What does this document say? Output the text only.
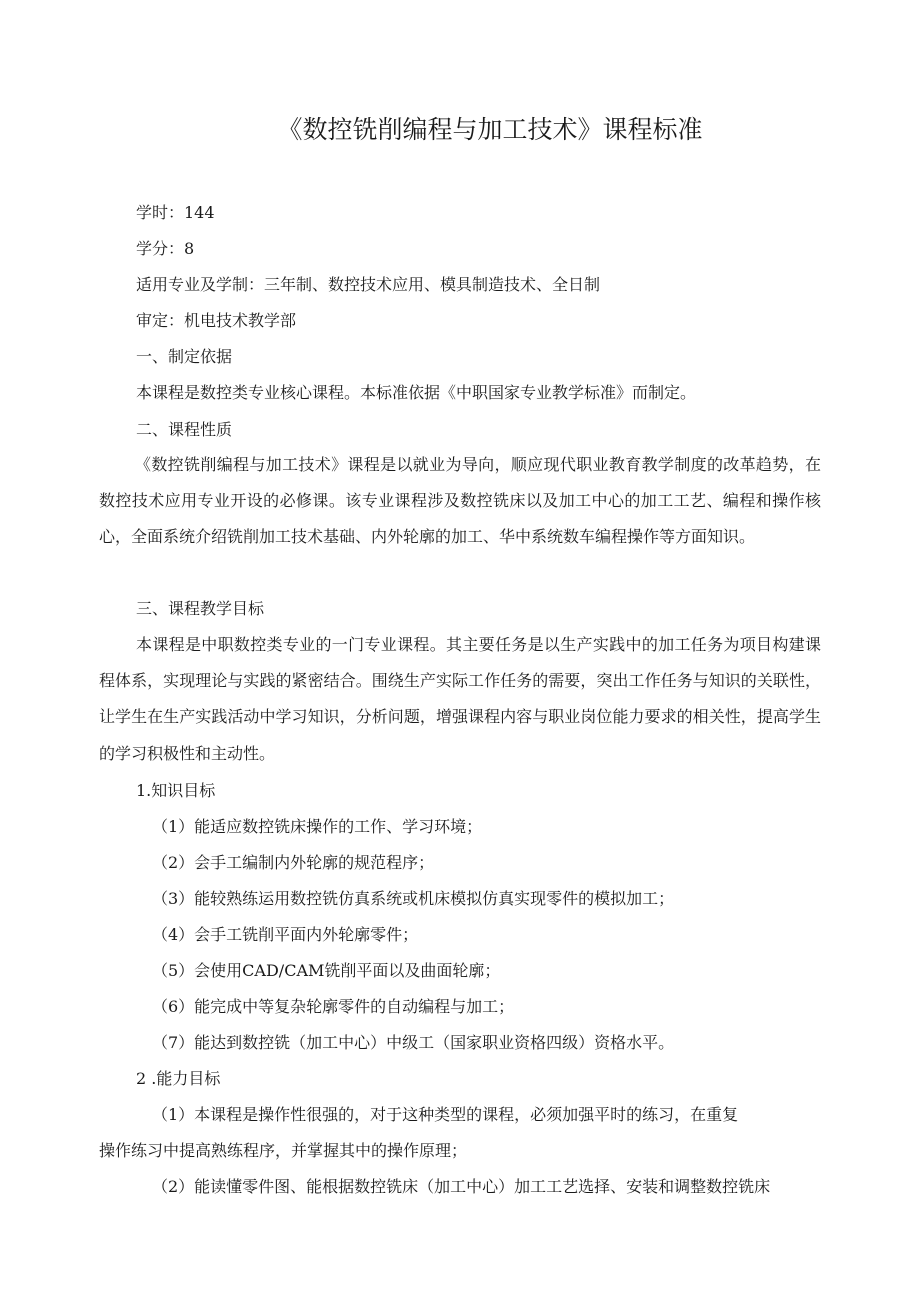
《数控铣削编程与加工技术》课程标准
学时：144
学分：8
适用专业及学制：三年制、数控技术应用、模具制造技术、全日制
审定：机电技术教学部
一、制定依据
本课程是数控类专业核心课程。本标准依据《中职国家专业教学标准》而制定。
二、课程性质
《数控铣削编程与加工技术》课程是以就业为导向，顺应现代职业教育教学制度的改革趋势，在数控技术应用专业开设的必修课。该专业课程涉及数控铣床以及加工中心的加工工艺、编程和操作核心，全面系统介绍铣削加工技术基础、内外轮廓的加工、华中系统数车编程操作等方面知识。
三、课程教学目标
本课程是中职数控类专业的一门专业课程。其主要任务是以生产实践中的加工任务为项目构建课程体系，实现理论与实践的紧密结合。围绕生产实际工作任务的需要，突出工作任务与知识的关联性，让学生在生产实践活动中学习知识，分析问题，增强课程内容与职业岗位能力要求的相关性，提高学生的学习积极性和主动性。
1.知识目标
（1）能适应数控铣床操作的工作、学习环境；
（2）会手工编制内外轮廓的规范程序；
（3）能较熟练运用数控铣仿真系统或机床模拟仿真实现零件的模拟加工；
（4）会手工铣削平面内外轮廓零件；
（5）会使用CAD/CAM铣削平面以及曲面轮廓；
（6）能完成中等复杂轮廓零件的自动编程与加工；
（7）能达到数控铣（加工中心）中级工（国家职业资格四级）资格水平。
2 .能力目标
（1）本课程是操作性很强的，对于这种类型的课程，必须加强平时的练习，在重复
操作练习中提高熟练程序，并掌握其中的操作原理；
（2）能读懂零件图、能根据数控铣床（加工中心）加工工艺选择、安装和调整数控铣床
